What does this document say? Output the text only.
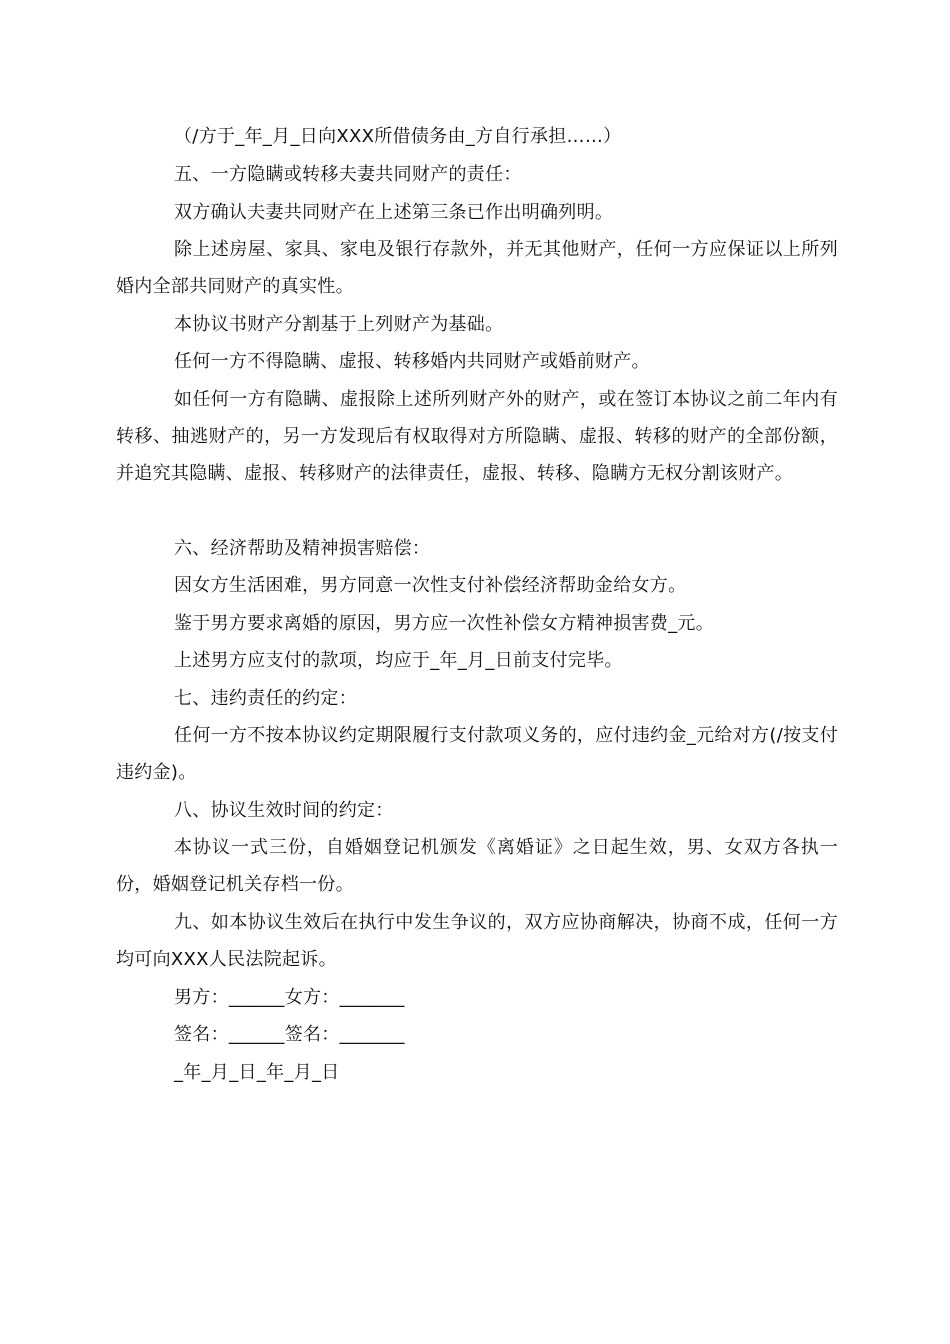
（/方于_年_月_日向XXX所借债务由_方自行承担……）

五、一方隐瞒或转移夫妻共同财产的责任：

双方确认夫妻共同财产在上述第三条已作出明确列明。

除上述房屋、家具、家电及银行存款外，并无其他财产，任何一方应保证以上所列婚内全部共同财产的真实性。

本协议书财产分割基于上列财产为基础。

任何一方不得隐瞒、虚报、转移婚内共同财产或婚前财产。

如任何一方有隐瞒、虚报除上述所列财产外的财产，或在签订本协议之前二年内有转移、抽逃财产的，另一方发现后有权取得对方所隐瞒、虚报、转移的财产的全部份额，并追究其隐瞒、虚报、转移财产的法律责任，虚报、转移、隐瞒方无权分割该财产。

六、经济帮助及精神损害赔偿：

因女方生活困难，男方同意一次性支付补偿经济帮助金给女方。

鉴于男方要求离婚的原因，男方应一次性补偿女方精神损害费_元。

上述男方应支付的款项，均应于_年_月_日前支付完毕。

七、违约责任的约定：

任何一方不按本协议约定期限履行支付款项义务的，应付违约金_元给对方(/按支付违约金)。

八、协议生效时间的约定：

本协议一式三份，自婚姻登记机颁发《离婚证》之日起生效，男、女双方各执一份，婚姻登记机关存档一份。

九、如本协议生效后在执行中发生争议的，双方应协商解决，协商不成，任何一方均可向XXX人民法院起诉。

男方：______女方：_______

签名：______签名：_______

_年_月_日_年_月_日
